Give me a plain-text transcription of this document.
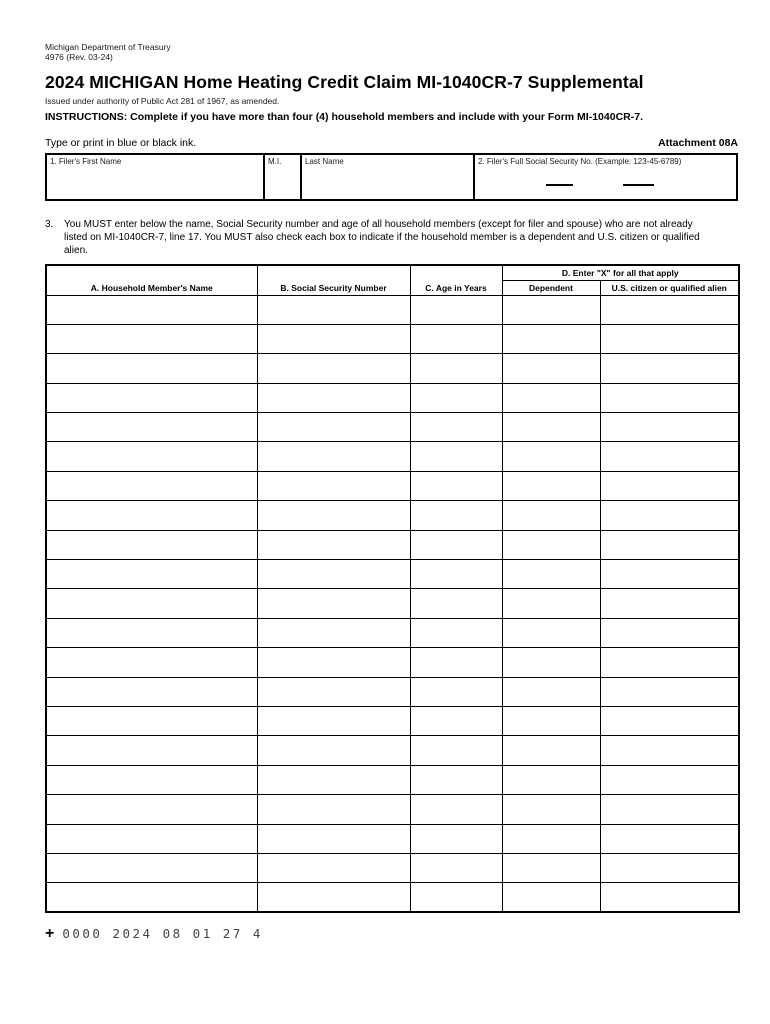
Michigan Department of Treasury
4976 (Rev. 03-24)
2024 MICHIGAN Home Heating Credit Claim MI-1040CR-7 Supplemental
Issued under authority of Public Act 281 of 1967, as amended.
INSTRUCTIONS: Complete if you have more than four (4) household members and include with your Form MI-1040CR-7.
Type or print in blue or black ink.	Attachment 08A
1. Filer's First Name	M.I.	Last Name	2. Filer's Full Social Security No. (Example: 123-45-6789)
3.	You MUST enter below the name, Social Security number and age of all household members (except for filer and spouse) who are not already listed on MI-1040CR-7, line 17. You MUST also check each box to indicate if the household member is a dependent and U.S. citizen or qualified alien.
A. Household Member's Name	B. Social Security Number	C. Age in Years	D. Enter "X" for all that apply	
			Dependent	U.S. citizen or qualified alien

+ 0000 2024 08 01 27 4
